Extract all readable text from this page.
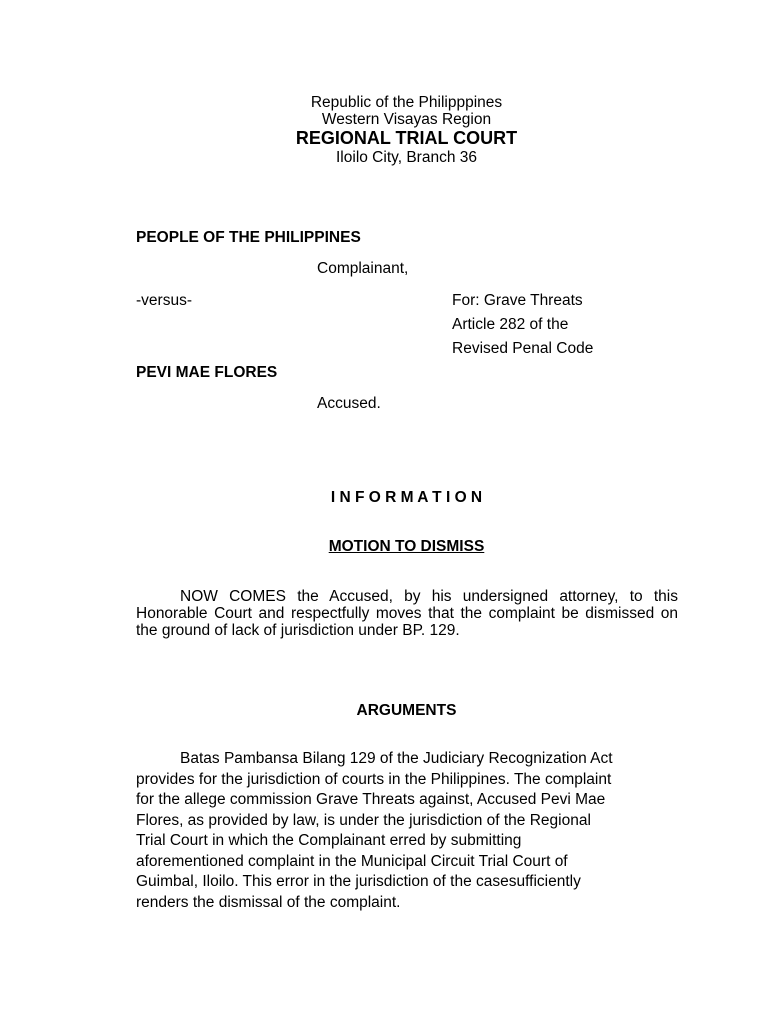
Republic of the Philipppines
Western Visayas Region
REGIONAL TRIAL COURT
Iloilo City, Branch 36
PEOPLE OF THE PHILIPPINES
Complainant,
-versus-	For: Grave Threats
Article 282 of the
Revised Penal Code
PEVI MAE FLORES
Accused.
I N F O R M A T I O N
MOTION TO DISMISS
NOW COMES the Accused, by his undersigned attorney, to this Honorable Court and respectfully moves that the complaint be dismissed on the ground of lack of jurisdiction under BP. 129.
ARGUMENTS
Batas Pambansa Bilang 129 of the Judiciary Recognization Act
provides for the jurisdiction of courts in the Philippines. The complaint
for the allege commission Grave Threats against, Accused Pevi Mae
Flores, as provided by law, is under the jurisdiction of the Regional
Trial Court in which the Complainant erred by submitting
aforementioned complaint in the Municipal Circuit Trial Court of
Guimbal, Iloilo. This error in the jurisdiction of the casesufficiently
renders the dismissal of the complaint.
